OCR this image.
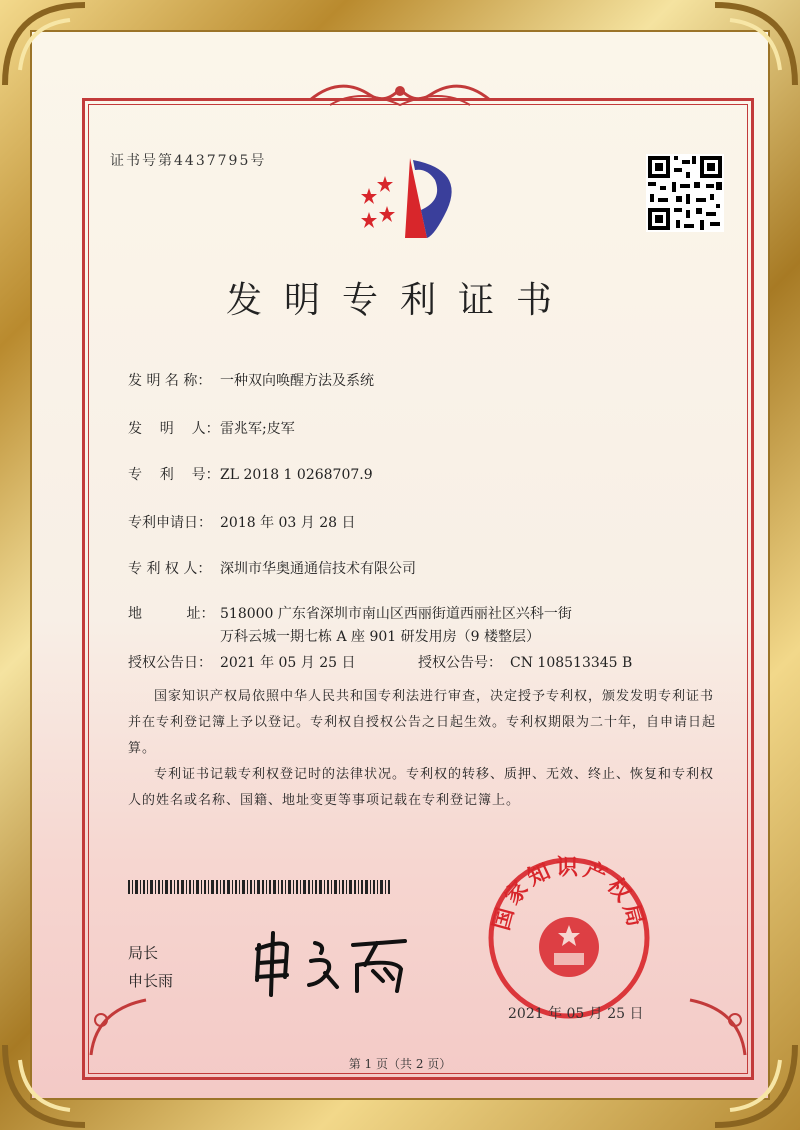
证书号第4437795号
发明专利证书
发 明 名 称： 一种双向唤醒方法及系统
发    明    人：雷兆军;皮军
专    利    号：ZL 2018 1 0268707.9
专利申请日： 2018 年 03 月 28 日
专 利 权 人： 深圳市华奥通通信技术有限公司
地          址： 518000 广东省深圳市南山区西丽街道西丽社区兴科一街
万科云城一期七栋 A 座 901 研发用房（9 楼整层）
授权公告日： 2021 年 05 月 25 日	授权公告号： CN 108513345 B
国家知识产权局依照中华人民共和国专利法进行审查，决定授予专利权，颁发发明专利证书并在专利登记簿上予以登记。专利权自授权公告之日起生效。专利权期限为二十年，自申请日起算。
专利证书记载专利权登记时的法律状况。专利权的转移、质押、无效、终止、恢复和专利权人的姓名或名称、国籍、地址变更等事项记载在专利登记簿上。
局长
申长雨
国家知识产权局
2021 年 05 月 25 日
第 1 页（共 2 页）
